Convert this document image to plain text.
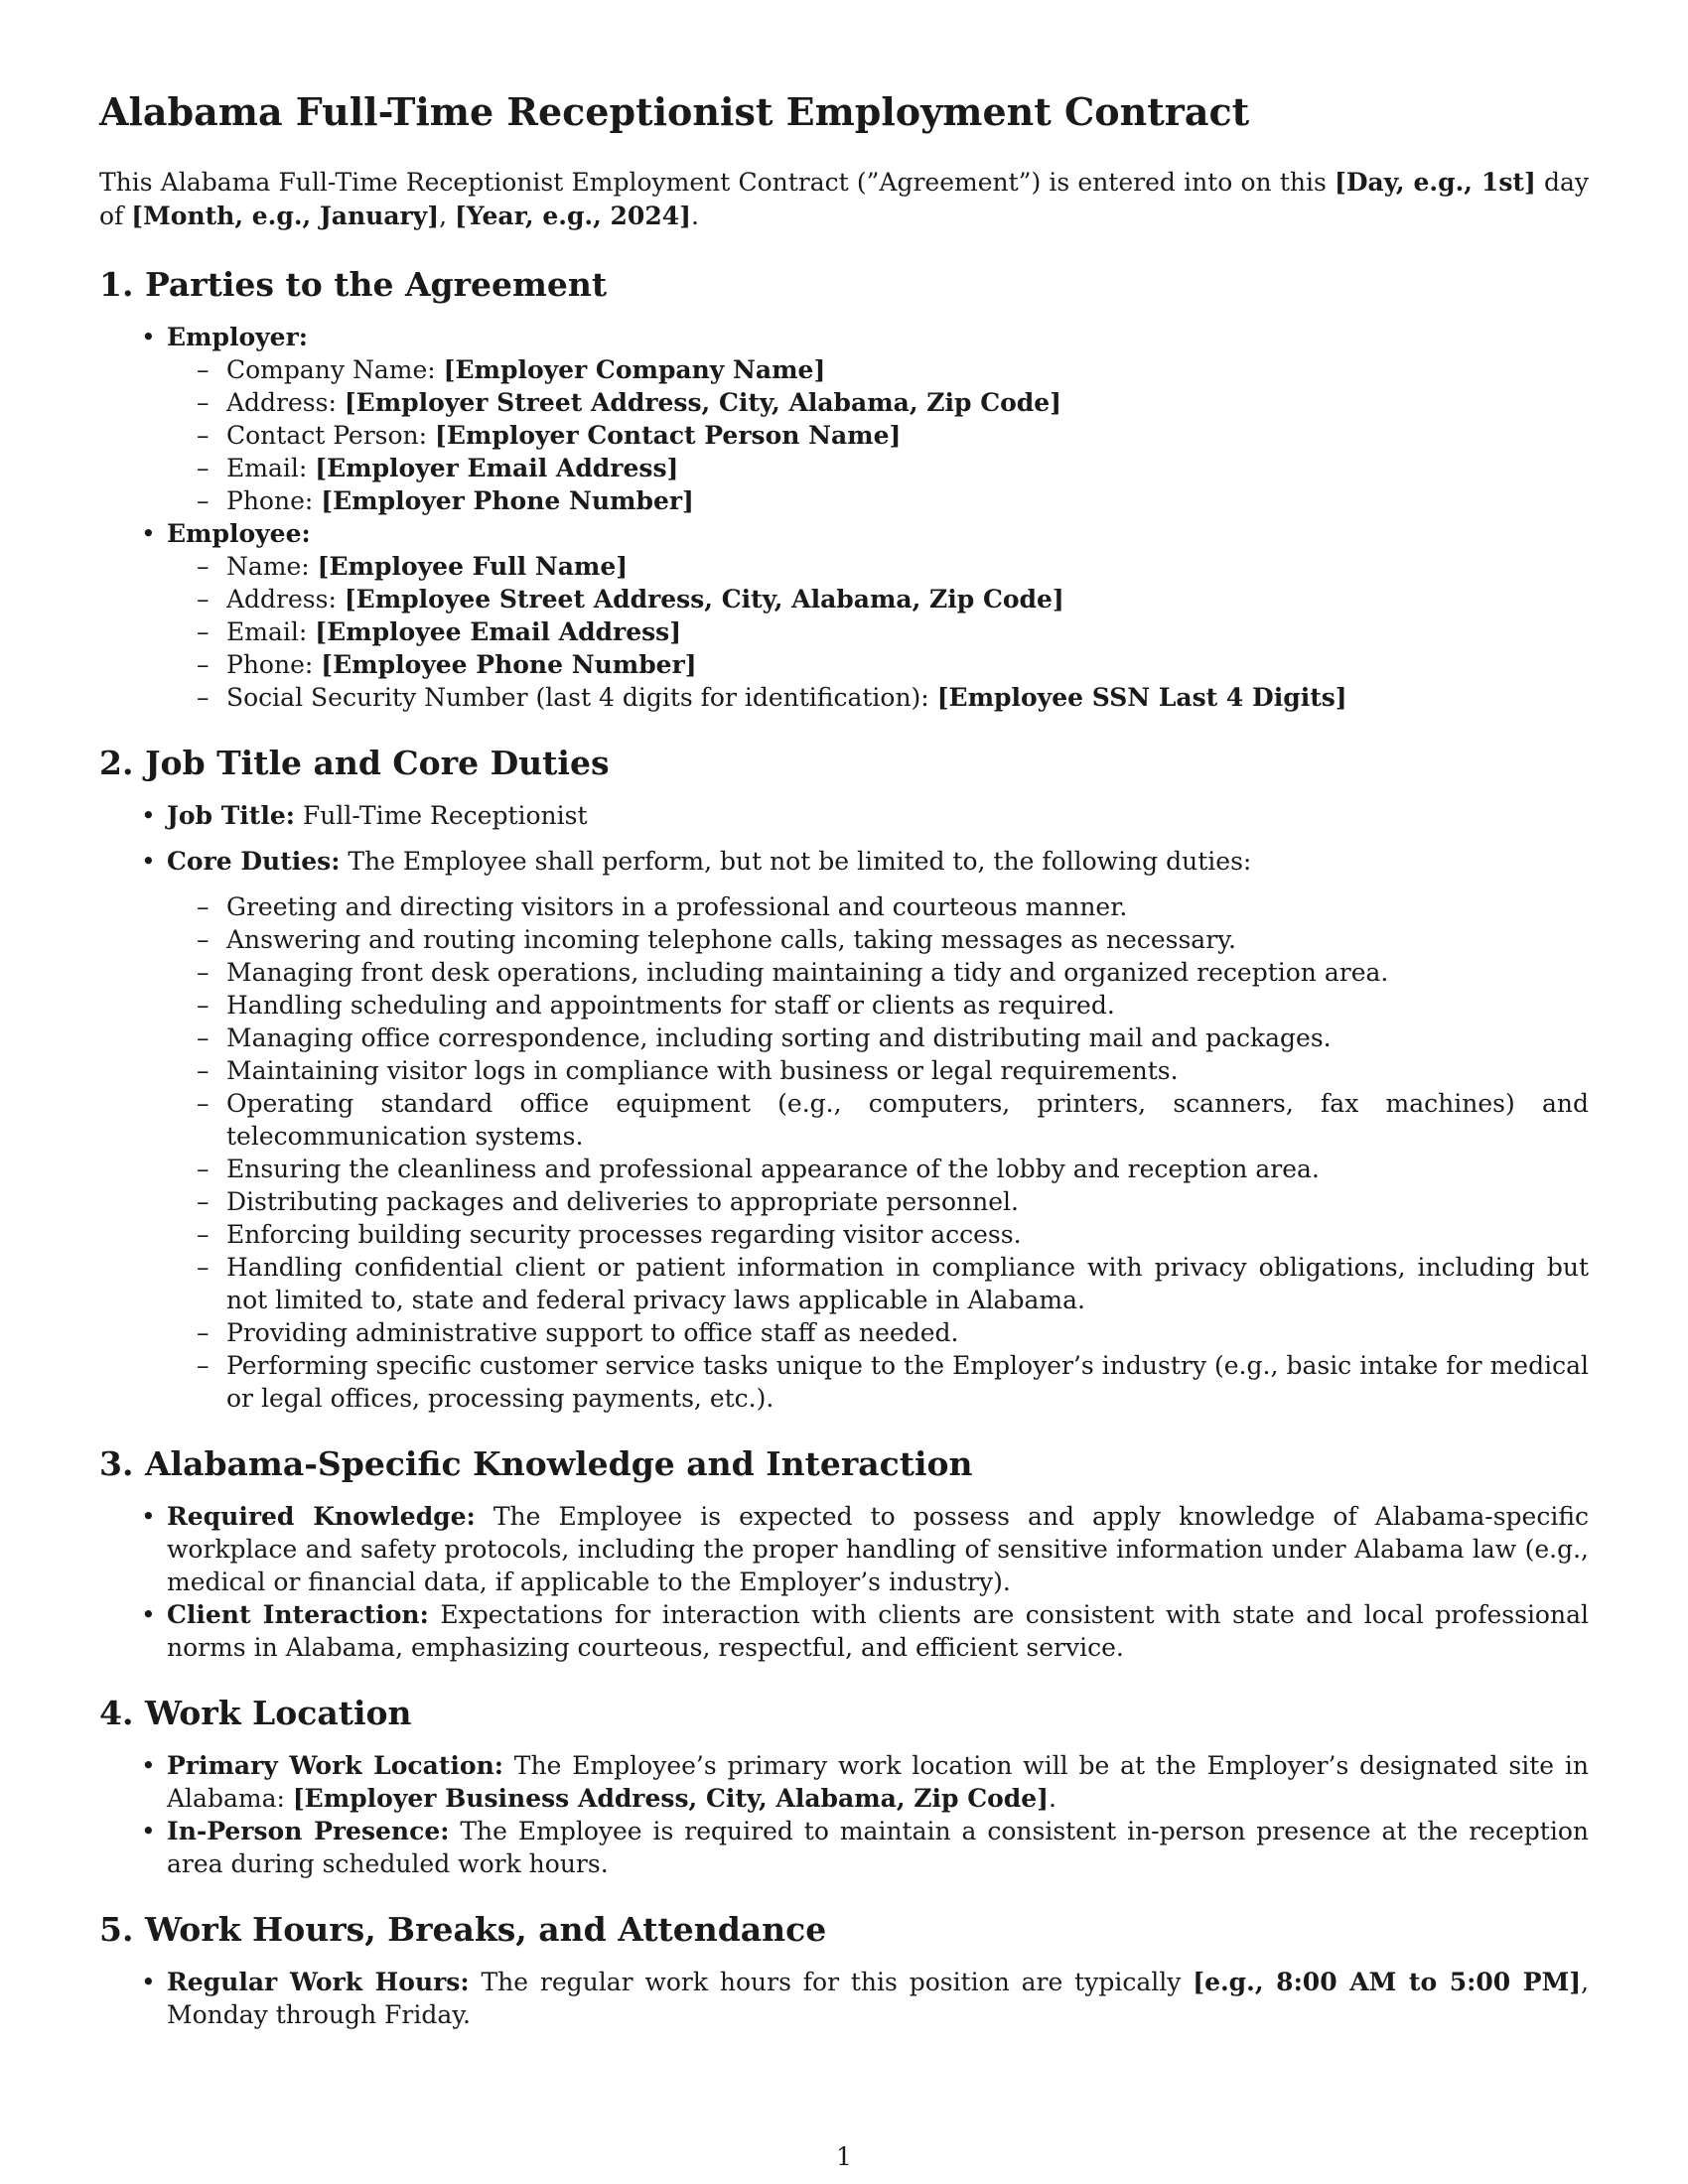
Alabama Full-Time Receptionist Employment Contract

This Alabama Full-Time Receptionist Employment Contract (”Agreement”) is entered into on this [Day, e.g., 1st] day of [Month, e.g., January], [Year, e.g., 2024].

1. Parties to the Agreement
• Employer:
– Company Name: [Employer Company Name]
– Address: [Employer Street Address, City, Alabama, Zip Code]
– Contact Person: [Employer Contact Person Name]
– Email: [Employer Email Address]
– Phone: [Employer Phone Number]
• Employee:
– Name: [Employee Full Name]
– Address: [Employee Street Address, City, Alabama, Zip Code]
– Email: [Employee Email Address]
– Phone: [Employee Phone Number]
– Social Security Number (last 4 digits for identification): [Employee SSN Last 4 Digits]
2. Job Title and Core Duties
• Job Title: Full-Time Receptionist
• Core Duties: The Employee shall perform, but not be limited to, the following duties:
– Greeting and directing visitors in a professional and courteous manner.
– Answering and routing incoming telephone calls, taking messages as necessary.
– Managing front desk operations, including maintaining a tidy and organized reception area.
– Handling scheduling and appointments for staff or clients as required.
– Managing office correspondence, including sorting and distributing mail and packages.
– Maintaining visitor logs in compliance with business or legal requirements.
– Operating standard office equipment (e.g., computers, printers, scanners, fax machines) and telecommunication systems.
– Ensuring the cleanliness and professional appearance of the lobby and reception area.
– Distributing packages and deliveries to appropriate personnel.
– Enforcing building security processes regarding visitor access.
– Handling confidential client or patient information in compliance with privacy obligations, including but not limited to, state and federal privacy laws applicable in Alabama.
– Providing administrative support to office staff as needed.
– Performing specific customer service tasks unique to the Employer’s industry (e.g., basic intake for medical or legal offices, processing payments, etc.).
3. Alabama-Specific Knowledge and Interaction
• Required Knowledge: The Employee is expected to possess and apply knowledge of Alabama-specific workplace and safety protocols, including the proper handling of sensitive information under Alabama law (e.g., medical or financial data, if applicable to the Employer’s industry).
• Client Interaction: Expectations for interaction with clients are consistent with state and local professional norms in Alabama, emphasizing courteous, respectful, and efficient service.
4. Work Location
• Primary Work Location: The Employee’s primary work location will be at the Employer’s designated site in Alabama: [Employer Business Address, City, Alabama, Zip Code].
• In-Person Presence: The Employee is required to maintain a consistent in-person presence at the reception area during scheduled work hours.
5. Work Hours, Breaks, and Attendance
• Regular Work Hours: The regular work hours for this position are typically [e.g., 8:00 AM to 5:00 PM], Monday through Friday.
1
